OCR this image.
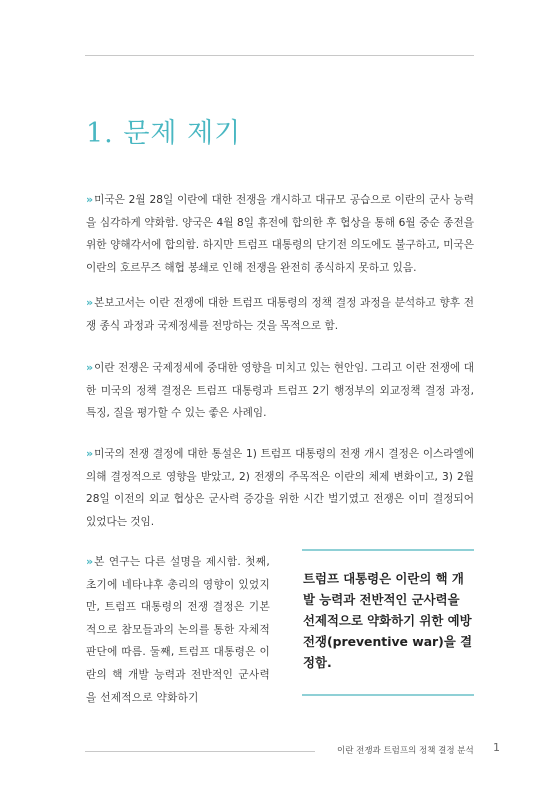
1. 문제 제기

» 미국은 2월 28일 이란에 대한 전쟁을 개시하고 대규모 공습으로 이란의 군사 능력을 심각하게 약화함. 양국은 4월 8일 휴전에 합의한 후 협상을 통해 6월 중순 종전을 위한 양해각서에 합의함. 하지만 트럼프 대통령의 단기전 의도에도 불구하고, 미국은 이란의 호르무즈 해협 봉쇄로 인해 전쟁을 완전히 종식하지 못하고 있음.

» 본보고서는 이란 전쟁에 대한 트럼프 대통령의 정책 결정 과정을 분석하고 향후 전쟁 종식 과정과 국제정세를 전망하는 것을 목적으로 함.

» 이란 전쟁은 국제정세에 중대한 영향을 미치고 있는 현안임. 그리고 이란 전쟁에 대한 미국의 정책 결정은 트럼프 대통령과 트럼프 2기 행정부의 외교정책 결정 과정, 특징, 질을 평가할 수 있는 좋은 사례임.

» 미국의 전쟁 결정에 대한 통설은 1) 트럼프 대통령의 전쟁 개시 결정은 이스라엘에 의해 결정적으로 영향을 받았고, 2) 전쟁의 주목적은 이란의 체제 변화이고, 3) 2월 28일 이전의 외교 협상은 군사력 증강을 위한 시간 벌기였고 전쟁은 이미 결정되어 있었다는 것임.

» 본 연구는 다른 설명을 제시함. 첫째, 초기에 네타냐후 총리의 영향이 있었지만, 트럼프 대통령의 전쟁 결정은 기본적으로 참모들과의 논의를 통한 자체적 판단에 따름. 둘째, 트럼프 대통령은 이란의 핵 개발 능력과 전반적인 군사력을 선제적으로 약화하기

트럼프 대통령은 이란의 핵 개발 능력과 전반적인 군사력을 선제적으로 약화하기 위한 예방전쟁(preventive war)을 결정함.

이란 전쟁과 트럼프의 정책 결정 분석 1
